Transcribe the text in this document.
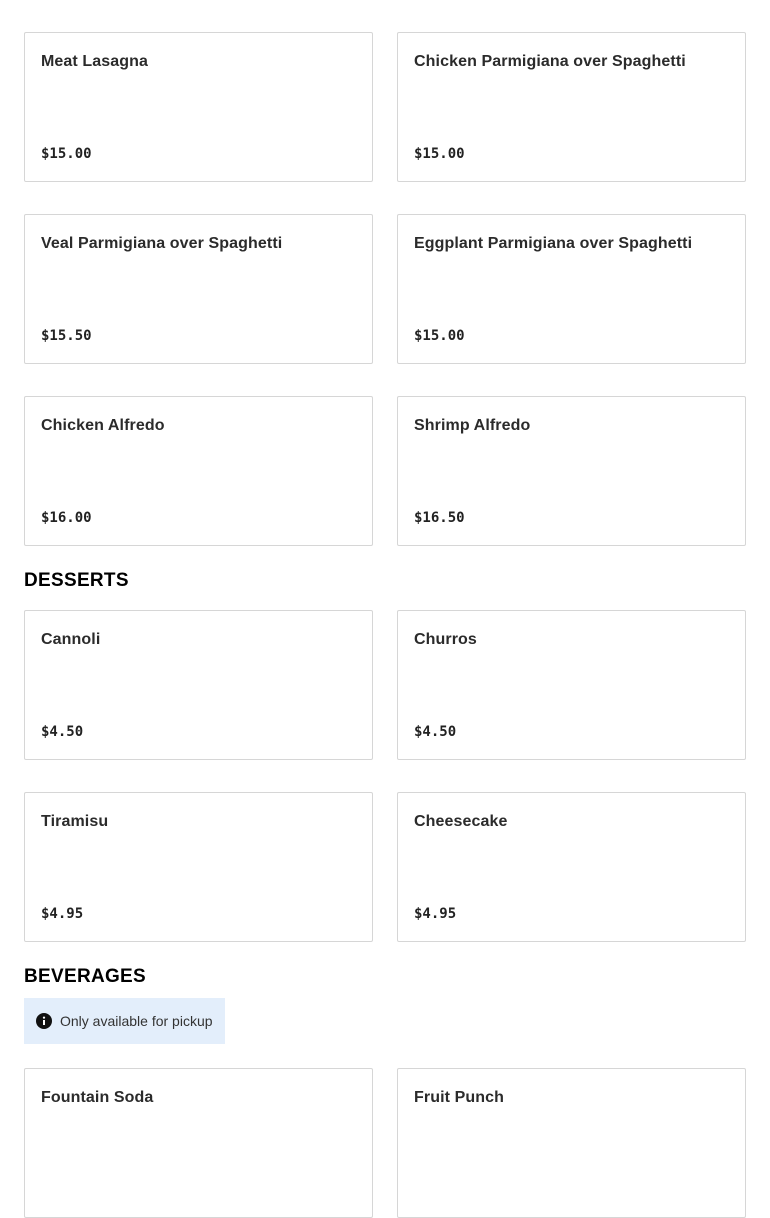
Meat Lasagna
$15.00
Chicken Parmigiana over Spaghetti
$15.00
Veal Parmigiana over Spaghetti
$15.50
Eggplant Parmigiana over Spaghetti
$15.00
Chicken Alfredo
$16.00
Shrimp Alfredo
$16.50
DESSERTS
Cannoli
$4.50
Churros
$4.50
Tiramisu
$4.95
Cheesecake
$4.95
BEVERAGES
Only available for pickup
Fountain Soda	Fruit Punch
